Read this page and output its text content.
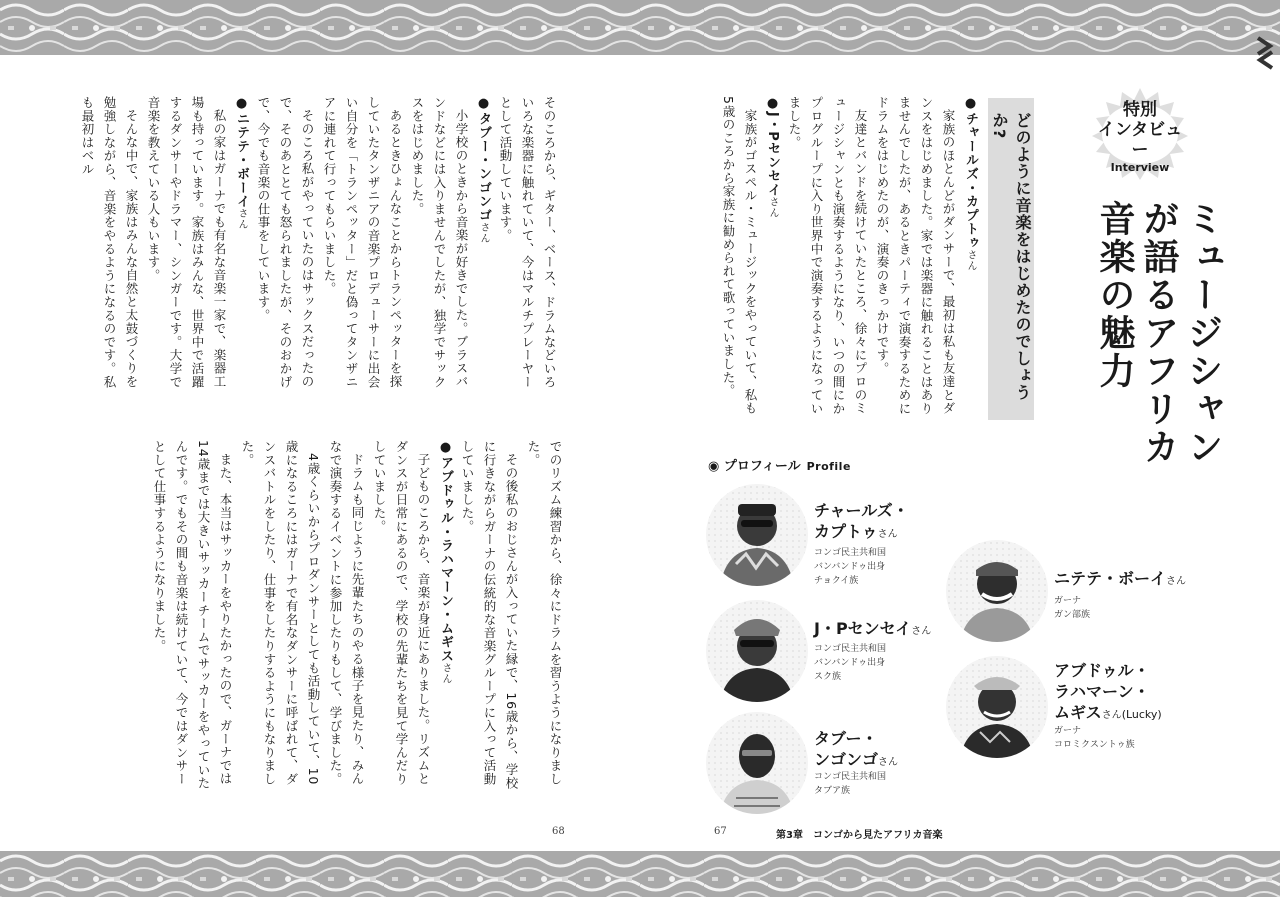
特別
インタビュー
Interview
ミュージシャンが語るアフリカ音楽の魅力
どのように音楽をはじめたのでしょうか?
●チャールズ・カプトゥさん
家族のほとんどがダンサーで、最初は私も友達とダンスをはじめました。家では楽器に触れることはありませんでしたが、あるときパーティで演奏するためにドラムをはじめたのが、演奏のきっかけです。
友達とバンドを続けていたところ、徐々にプロのミュージシャンとも演奏するようになり、いつの間にかプログループに入り世界中で演奏するようになっていました。
●J・Pセンセイさん
家族がゴスペル・ミュージックをやっていて、私も5歳のころから家族に勧められて歌っていました。
そのころから、ギター、ベース、ドラムなどいろいろな楽器に触れていて、今はマルチプレーヤーとして活動しています。
●タブー・ンゴンゴさん
小学校のときから音楽が好きでした。ブラスバンドなどには入りませんでしたが、独学でサックスをはじめました。
あるときひょんなことからトランペッターを探していたタンザニアの音楽プロデューサーに出会い自分を「トランペッター」だと偽ってタンザニアに連れて行ってもらいました。
そのころ私がやっていたのはサックスだったので、そのあととても怒られましたが、そのおかげで、今でも音楽の仕事をしています。
●ニテテ・ボーイさん
私の家はガーナでも有名な音楽一家で、楽器工場も持っています。家族はみんな、世界中で活躍するダンサーやドラマー、シンガーです。大学で音楽を教えている人もいます。
そんな中で、家族はみんな自然と太鼓づくりを勉強しながら、音楽をやるようになるのです。私も最初はベル
でのリズム練習から、徐々にドラムを習うようになりました。
その後私のおじさんが入っていた縁で、16歳から、学校に行きながらガーナの伝統的な音楽グループに入って活動していました。
●アブドゥル・ラハマーン・ムギスさん
子どものころから、音楽が身近にありました。リズムとダンスが日常にあるので、学校の先輩たちを見て学んだりしていました。
ドラムも同じように先輩たちのやる様子を見たり、みんなで演奏するイベントに参加したりもして、学びました。
4歳くらいからプロダンサーとしても活動していて、10歳になるころにはガーナで有名なダンサーに呼ばれて、ダンスバトルをしたり、仕事をしたりするようにもなりました。
また、本当はサッカーをやりたかったので、ガーナでは14歳までは大きいサッカーチームでサッカーをやっていたんです。でもその間も音楽は続けていて、今ではダンサーとして仕事するようになりました。	◉ プロフィール Profile
チャールズ・
カプトゥさん
コンゴ民主共和国
バンバンドゥ出身
チョクイ族
J・Pセンセイさん
コンゴ民主共和国
バンバンドゥ出身
スク族
タブー・
ンゴンゴさん
コンゴ民主共和国
タブア族
ニテテ・ボーイさん
ガーナ
ガン部族
アブドゥル・
ラハマーン・
ムギスさん(Lucky)
ガーナ
コロミクスントゥ族
68	67	第3章　コンゴから見たアフリカ音楽
